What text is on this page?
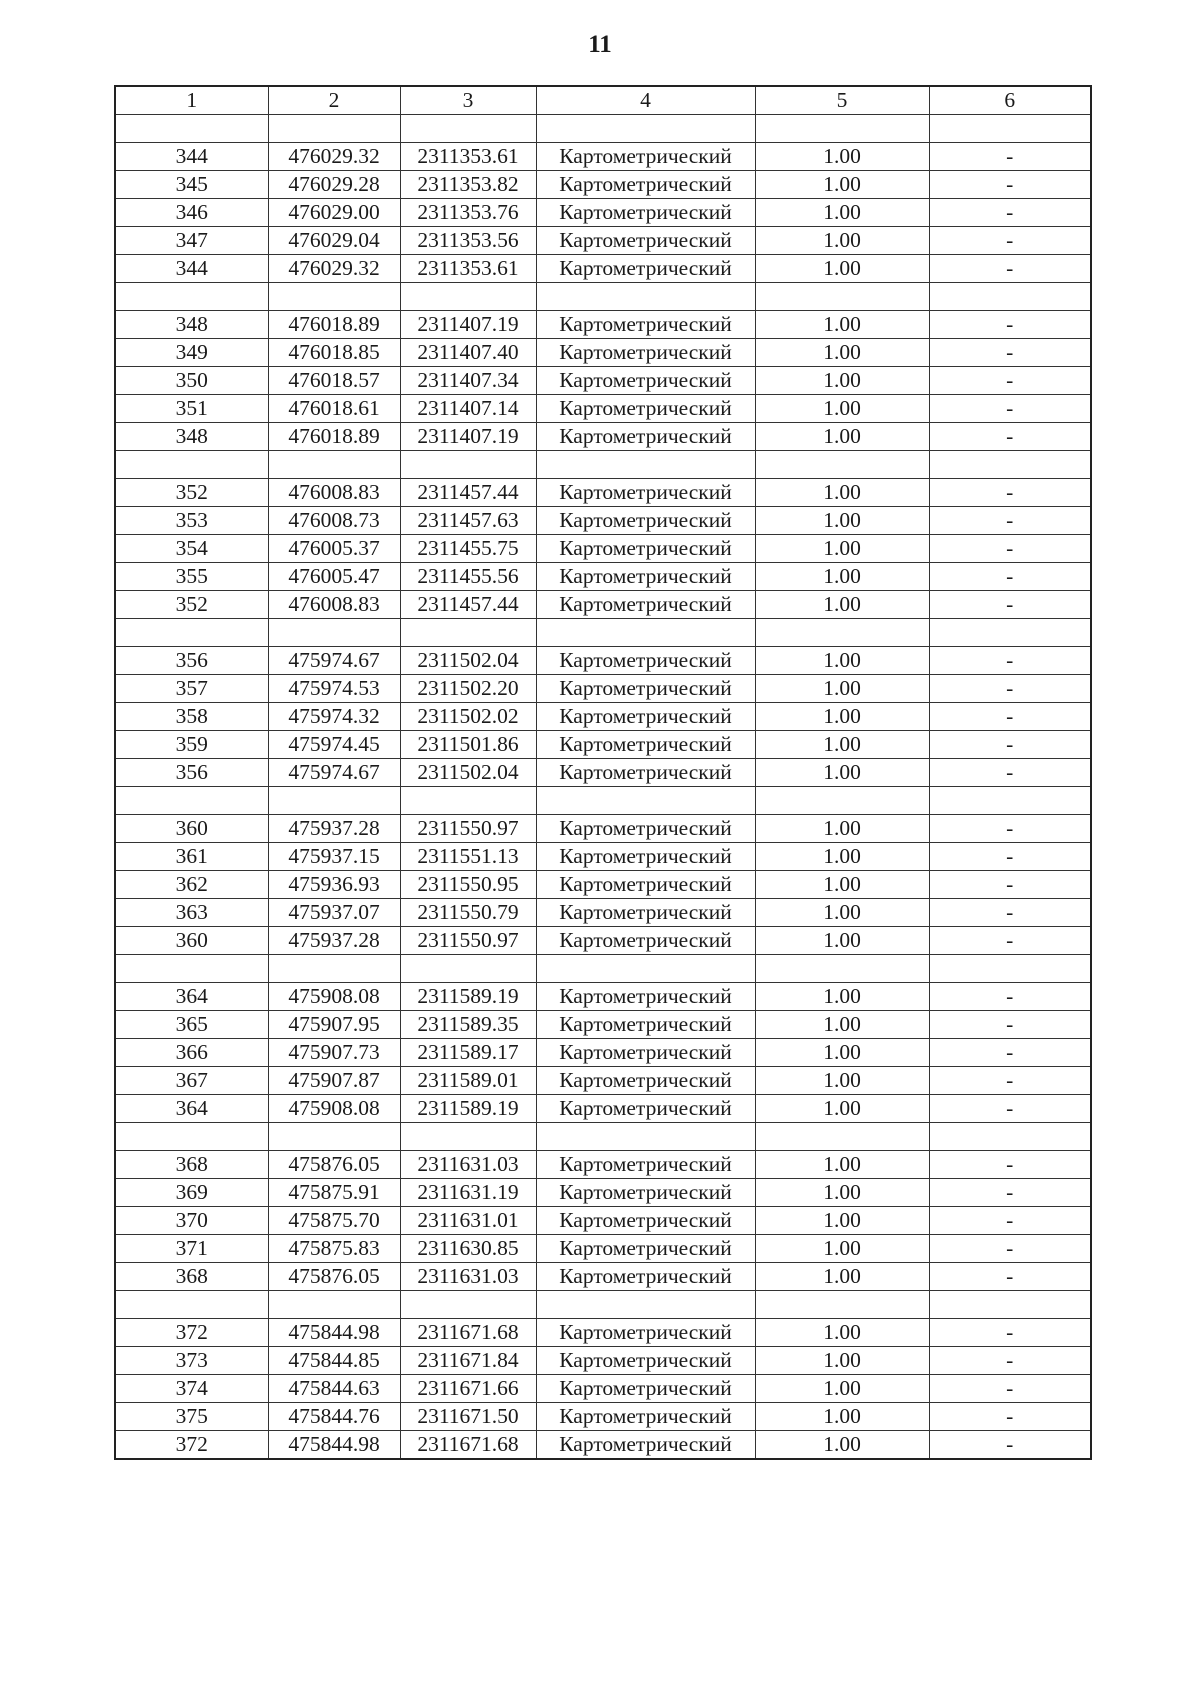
11
1	2	3	4	5	6

344	476029.32	2311353.61	Картометрический	1.00	-
345	476029.28	2311353.82	Картометрический	1.00	-
346	476029.00	2311353.76	Картометрический	1.00	-
347	476029.04	2311353.56	Картометрический	1.00	-
344	476029.32	2311353.61	Картометрический	1.00	-

348	476018.89	2311407.19	Картометрический	1.00	-
349	476018.85	2311407.40	Картометрический	1.00	-
350	476018.57	2311407.34	Картометрический	1.00	-
351	476018.61	2311407.14	Картометрический	1.00	-
348	476018.89	2311407.19	Картометрический	1.00	-

352	476008.83	2311457.44	Картометрический	1.00	-
353	476008.73	2311457.63	Картометрический	1.00	-
354	476005.37	2311455.75	Картометрический	1.00	-
355	476005.47	2311455.56	Картометрический	1.00	-
352	476008.83	2311457.44	Картометрический	1.00	-

356	475974.67	2311502.04	Картометрический	1.00	-
357	475974.53	2311502.20	Картометрический	1.00	-
358	475974.32	2311502.02	Картометрический	1.00	-
359	475974.45	2311501.86	Картометрический	1.00	-
356	475974.67	2311502.04	Картометрический	1.00	-

360	475937.28	2311550.97	Картометрический	1.00	-
361	475937.15	2311551.13	Картометрический	1.00	-
362	475936.93	2311550.95	Картометрический	1.00	-
363	475937.07	2311550.79	Картометрический	1.00	-
360	475937.28	2311550.97	Картометрический	1.00	-

364	475908.08	2311589.19	Картометрический	1.00	-
365	475907.95	2311589.35	Картометрический	1.00	-
366	475907.73	2311589.17	Картометрический	1.00	-
367	475907.87	2311589.01	Картометрический	1.00	-
364	475908.08	2311589.19	Картометрический	1.00	-

368	475876.05	2311631.03	Картометрический	1.00	-
369	475875.91	2311631.19	Картометрический	1.00	-
370	475875.70	2311631.01	Картометрический	1.00	-
371	475875.83	2311630.85	Картометрический	1.00	-
368	475876.05	2311631.03	Картометрический	1.00	-

372	475844.98	2311671.68	Картометрический	1.00	-
373	475844.85	2311671.84	Картометрический	1.00	-
374	475844.63	2311671.66	Картометрический	1.00	-
375	475844.76	2311671.50	Картометрический	1.00	-
372	475844.98	2311671.68	Картометрический	1.00	-
